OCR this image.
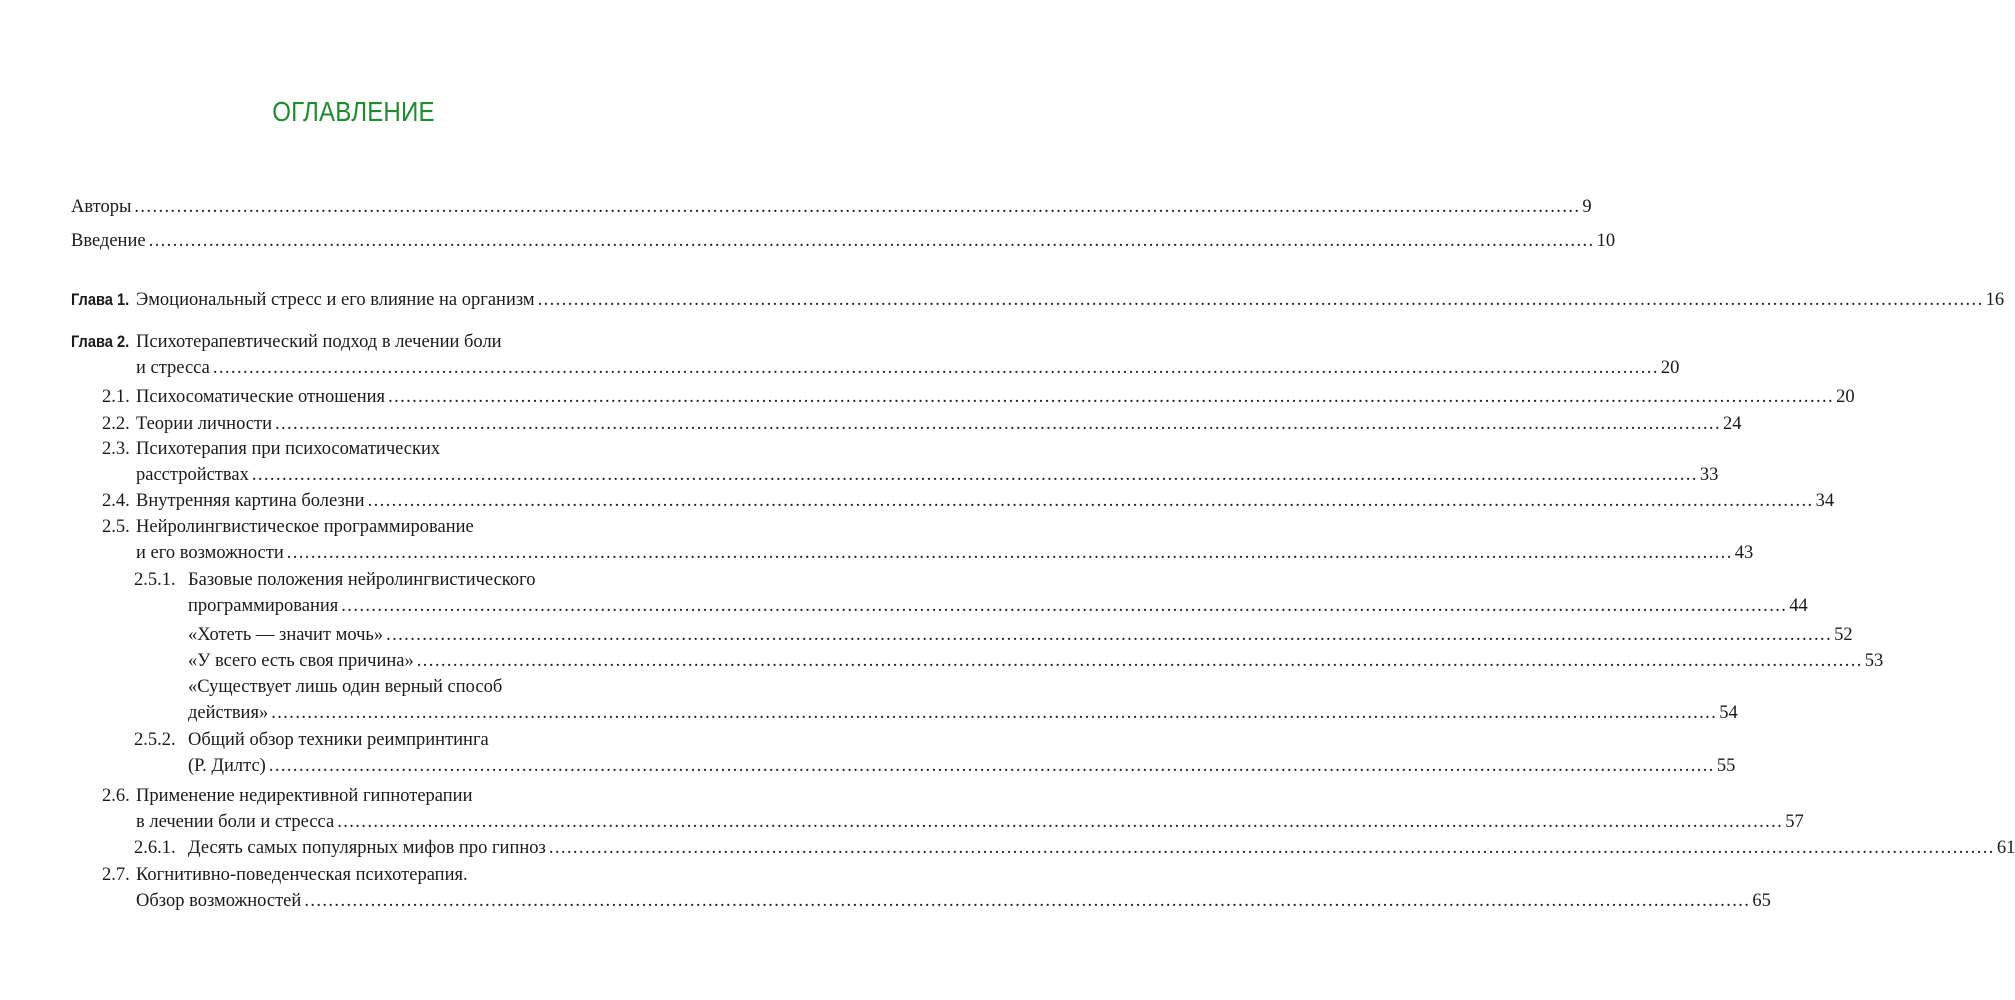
ОГЛАВЛЕНИЕ
Авторы ................................................................................................................................................................................................................................................ 9
Введение ................................................................................................................................................................................................................................................ 10
Глава 1. Эмоциональный стресс и его влияние на организм ................................................................................................................................................................................................................................................ 16
Глава 2. Психотерапевтический подход в лечении боли
и стресса ................................................................................................................................................................................................................................................ 20
2.1. Психосоматические отношения ................................................................................................................................................................................................................................................ 20
2.2. Теории личности ................................................................................................................................................................................................................................................ 24
2.3. Психотерапия при психосоматических
расстройствах ................................................................................................................................................................................................................................................ 33
2.4. Внутренняя картина болезни ................................................................................................................................................................................................................................................ 34
2.5. Нейролингвистическое программирование
и его возможности ................................................................................................................................................................................................................................................ 43
2.5.1. Базовые положения нейролингвистического
программирования ................................................................................................................................................................................................................................................ 44
«Хотеть — значит мочь» ................................................................................................................................................................................................................................................ 52
«У всего есть своя причина» ................................................................................................................................................................................................................................................ 53
«Существует лишь один верный способ
действия» ................................................................................................................................................................................................................................................ 54
2.5.2. Общий обзор техники реимпринтинга
(Р. Дилтс) ................................................................................................................................................................................................................................................ 55
2.6. Применение недирективной гипнотерапии
в лечении боли и стресса ................................................................................................................................................................................................................................................ 57
2.6.1. Десять самых популярных мифов про гипноз ................................................................................................................................................................................................................................................ 61
2.7. Когнитивно-поведенческая психотерапия.
Обзор возможностей ................................................................................................................................................................................................................................................ 65
